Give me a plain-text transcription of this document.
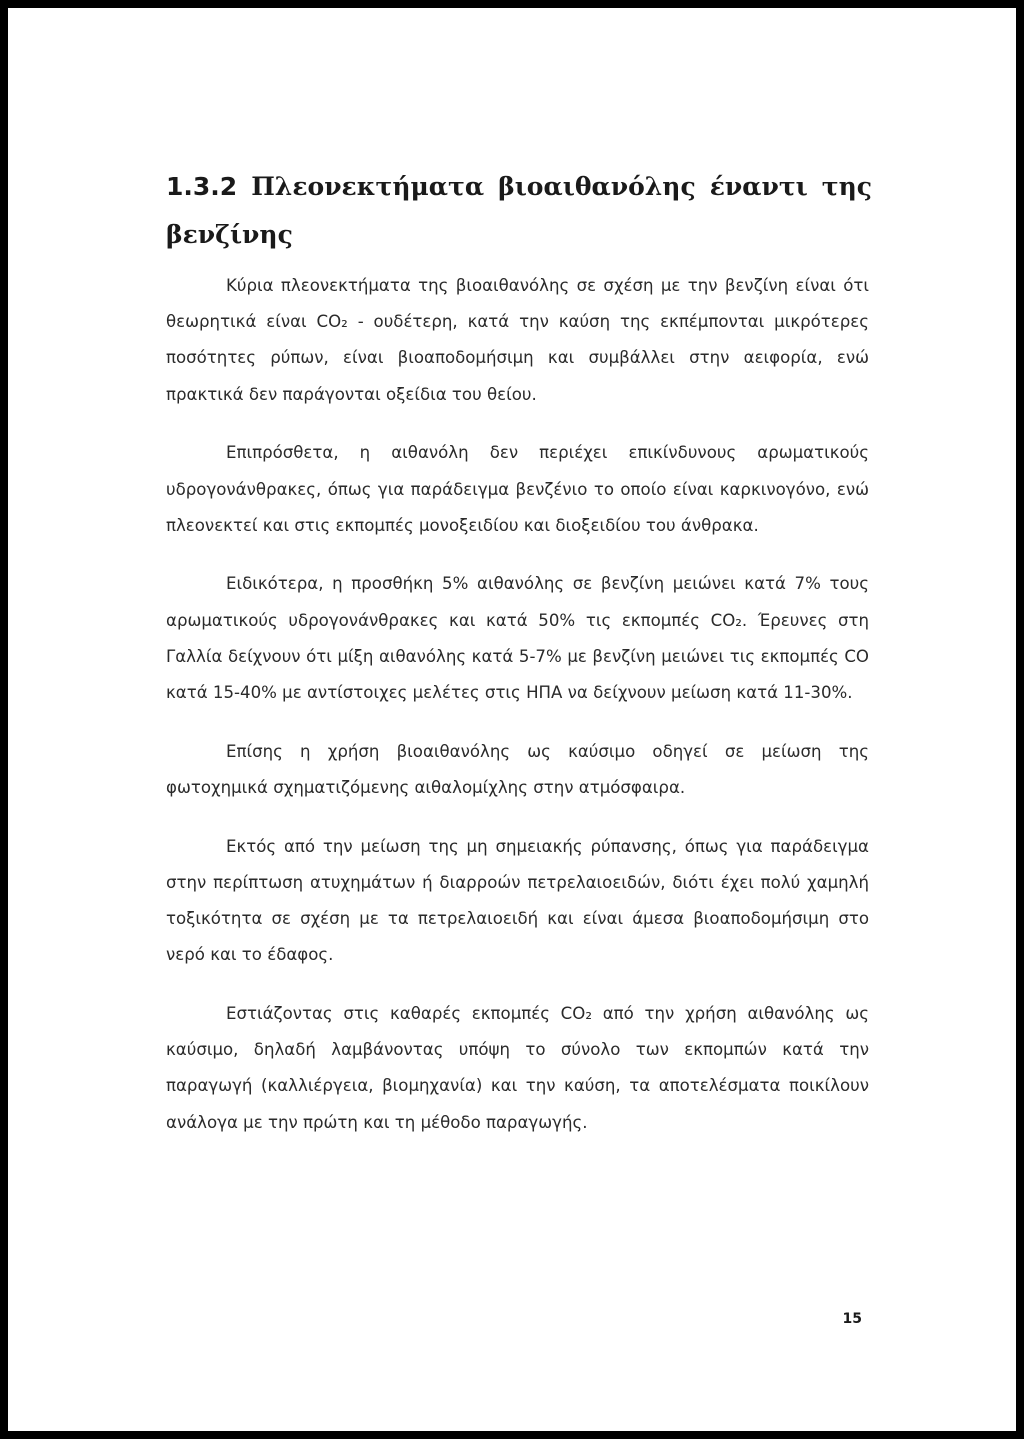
1.3.2 Πλεονεκτήματα βιοαιθανόλης έναντι της
βενζίνης

Κύρια πλεονεκτήματα της βιοαιθανόλης σε σχέση με την βενζίνη είναι ότι θεωρητικά είναι CO₂ - ουδέτερη, κατά την καύση της εκπέμπονται μικρότερες ποσότητες ρύπων, είναι βιοαποδομήσιμη και συμβάλλει στην αειφορία, ενώ πρακτικά δεν παράγονται οξείδια του θείου.

Επιπρόσθετα, η αιθανόλη δεν περιέχει επικίνδυνους αρωματικούς υδρογονάνθρακες, όπως για παράδειγμα βενζένιο το οποίο είναι καρκινογόνο, ενώ πλεονεκτεί και στις εκπομπές μονοξειδίου και διοξειδίου του άνθρακα.

Ειδικότερα, η προσθήκη 5% αιθανόλης σε βενζίνη μειώνει κατά 7% τους αρωματικούς υδρογονάνθρακες και κατά 50% τις εκπομπές CO₂. Έρευνες στη Γαλλία δείχνουν ότι μίξη αιθανόλης κατά 5-7% με βενζίνη μειώνει τις εκπομπές CO κατά 15-40% με αντίστοιχες μελέτες στις ΗΠΑ να δείχνουν μείωση κατά 11-30%.

Επίσης η χρήση βιοαιθανόλης ως καύσιμο οδηγεί σε μείωση της φωτοχημικά σχηματιζόμενης αιθαλομίχλης στην ατμόσφαιρα.

Εκτός από την μείωση της μη σημειακής ρύπανσης, όπως για παράδειγμα στην περίπτωση ατυχημάτων ή διαρροών πετρελαιοειδών, διότι έχει πολύ χαμηλή τοξικότητα σε σχέση με τα πετρελαιοειδή και είναι άμεσα βιοαποδομήσιμη στο νερό και το έδαφος.

Εστιάζοντας στις καθαρές εκπομπές CO₂ από την χρήση αιθανόλης ως καύσιμο, δηλαδή λαμβάνοντας υπόψη το σύνολο των εκπομπών κατά την παραγωγή (καλλιέργεια, βιομηχανία) και την καύση, τα αποτελέσματα ποικίλουν ανάλογα με την πρώτη και τη μέθοδο παραγωγής.

15
